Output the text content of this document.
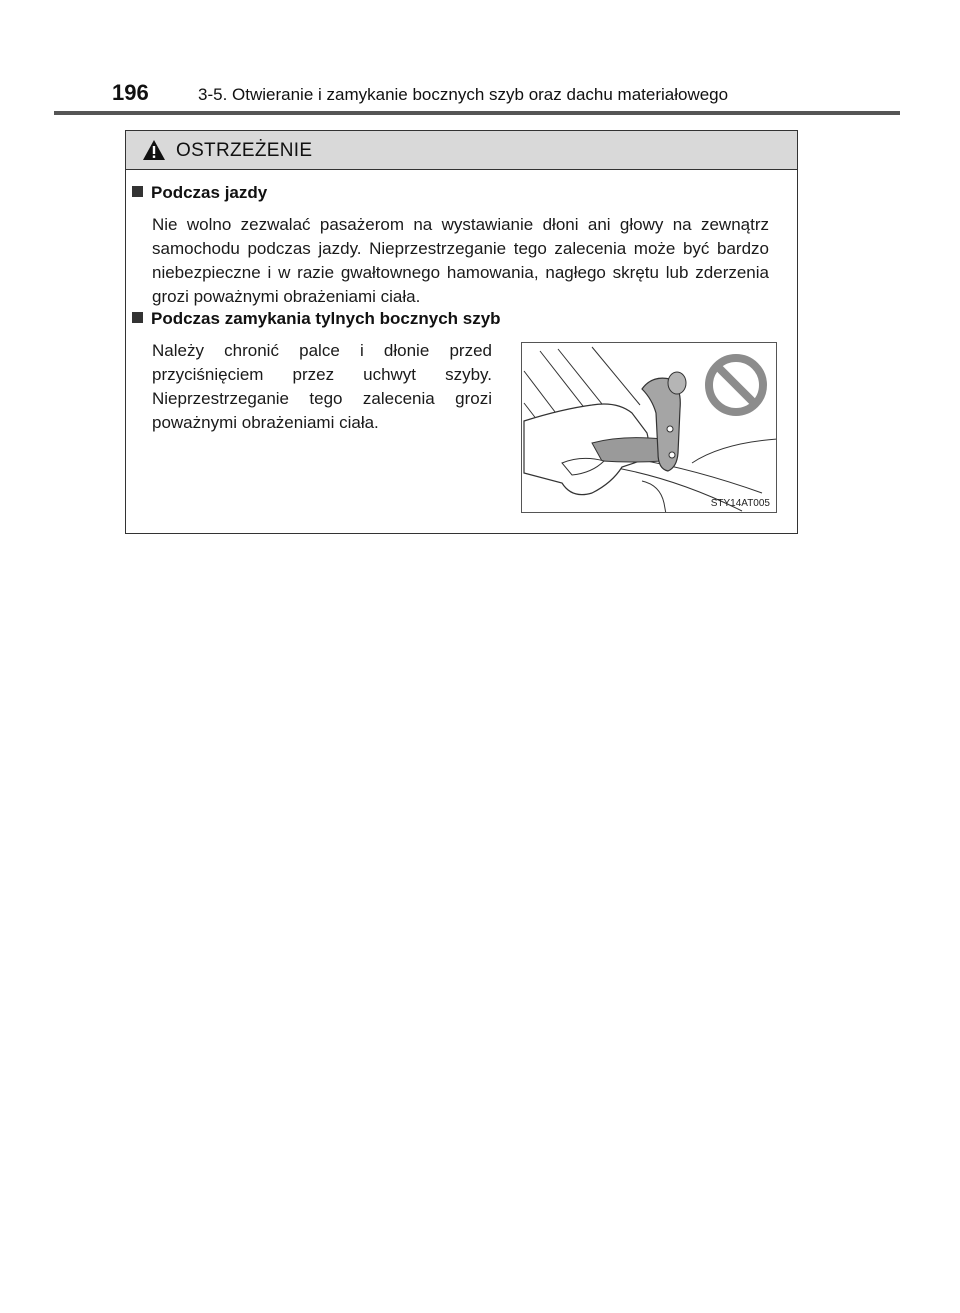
196	3-5. Otwieranie i zamykanie bocznych szyb oraz dachu materiałowego
OSTRZEŻENIE
Podczas jazdy
Nie wolno zezwalać pasażerom na wystawianie dłoni ani głowy na zewnątrz samochodu podczas jazdy. Nieprzestrzeganie tego zalecenia może być bardzo niebezpieczne i w razie gwałtownego hamowania, nagłego skrętu lub zderzenia grozi poważnymi obrażeniami ciała.
Podczas zamykania tylnych bocznych szyb
Należy chronić palce i dłonie przed przyciśnięciem przez uchwyt szyby. Nieprzestrzeganie tego zalecenia grozi poważnymi obrażeniami ciała.
STY14AT005
